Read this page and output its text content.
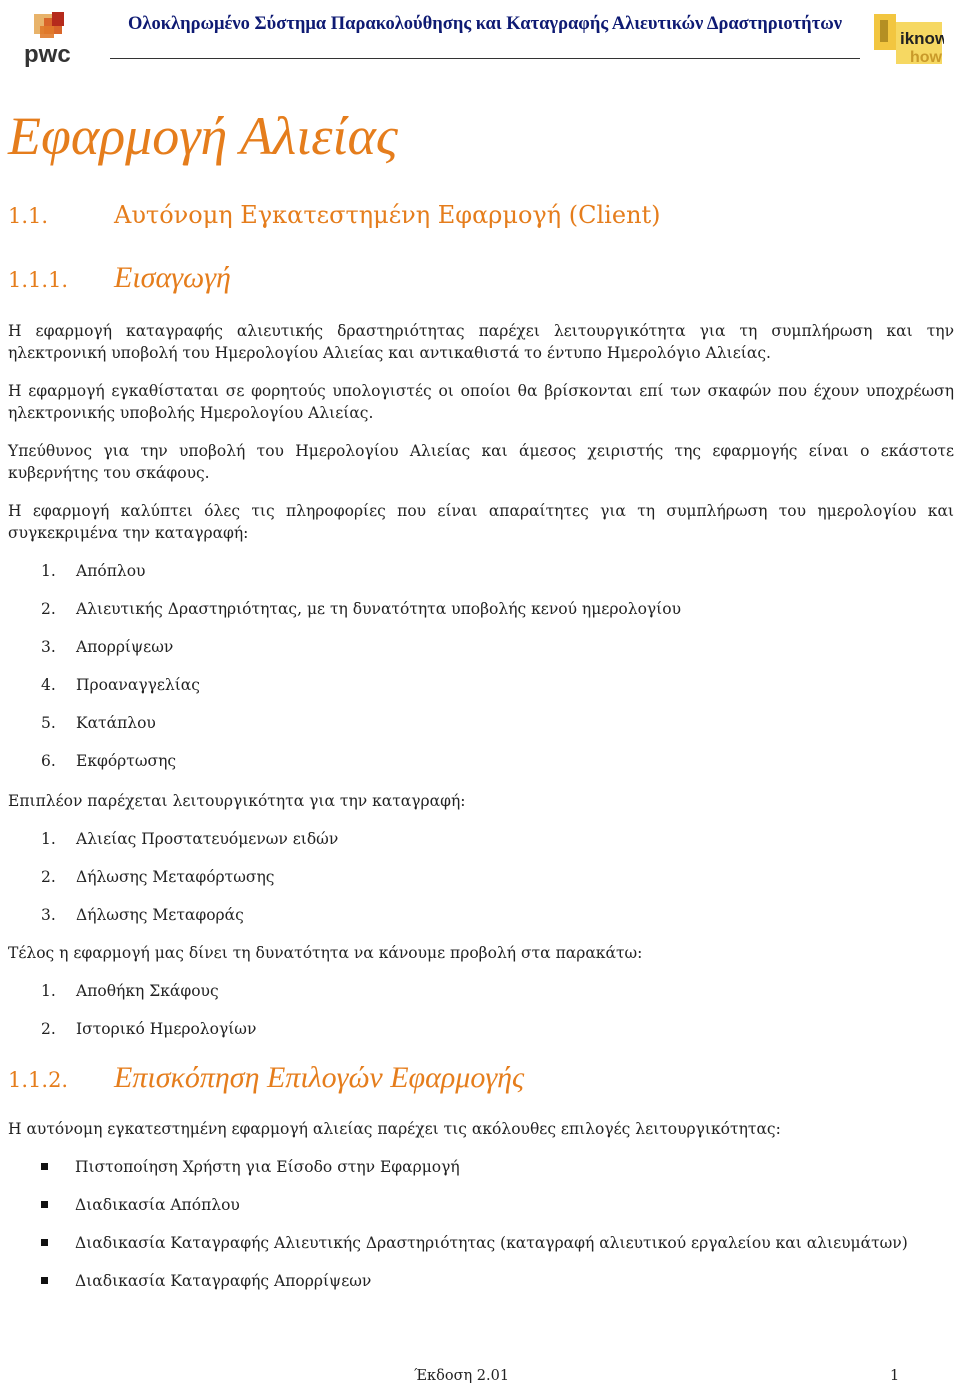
pwc
Ολοκληρωμένο Σύστημα Παρακολούθησης και Καταγραφής Αλιευτικών Δραστηριοτήτων
iknow
how
Εφαρμογή Αλιείας
1.1.	Αυτόνομη Εγκατεστημένη Εφαρμογή (Client)
1.1.1. Εισαγωγή
Η εφαρμογή καταγραφής αλιευτικής δραστηριότητας παρέχει λειτουργικότητα για τη συμπλήρωση και την ηλεκτρονική υποβολή του Ημερολογίου Αλιείας και αντικαθιστά το έντυπο Ημερολόγιο Αλιείας.
Η εφαρμογή εγκαθίσταται σε φορητούς υπολογιστές οι οποίοι θα βρίσκονται επί των σκαφών που έχουν υποχρέωση ηλεκτρονικής υποβολής Ημερολογίου Αλιείας.
Υπεύθυνος για την υποβολή του Ημερολογίου Αλιείας και άμεσος χειριστής της εφαρμογής είναι ο εκάστοτε κυβερνήτης του σκάφους.
Η εφαρμογή καλύπτει όλες τις πληροφορίες που είναι απαραίτητες για τη συμπλήρωση του ημερολογίου και συγκεκριμένα την καταγραφή:
1. Απόπλου
2. Αλιευτικής Δραστηριότητας, με τη δυνατότητα υποβολής κενού ημερολογίου
3. Απορρίψεων
4. Προαναγγελίας
5. Κατάπλου
6. Εκφόρτωσης
Επιπλέον παρέχεται λειτουργικότητα για την καταγραφή:
1. Αλιείας Προστατευόμενων ειδών
2. Δήλωσης Μεταφόρτωσης
3. Δήλωσης Μεταφοράς
Τέλος η εφαρμογή μας δίνει τη δυνατότητα να κάνουμε προβολή στα παρακάτω:
1. Αποθήκη Σκάφους
2. Ιστορικό Ημερολογίων
1.1.2. Επισκόπηση Επιλογών Εφαρμογής
Η αυτόνομη εγκατεστημένη εφαρμογή αλιείας παρέχει τις ακόλουθες επιλογές λειτουργικότητας:
Πιστοποίηση Χρήστη για Είσοδο στην Εφαρμογή
Διαδικασία Απόπλου
Διαδικασία Καταγραφής Αλιευτικής Δραστηριότητας (καταγραφή αλιευτικού εργαλείου και αλιευμάτων)
Διαδικασία Καταγραφής Απορρίψεων
Έκδοση 2.01	1
